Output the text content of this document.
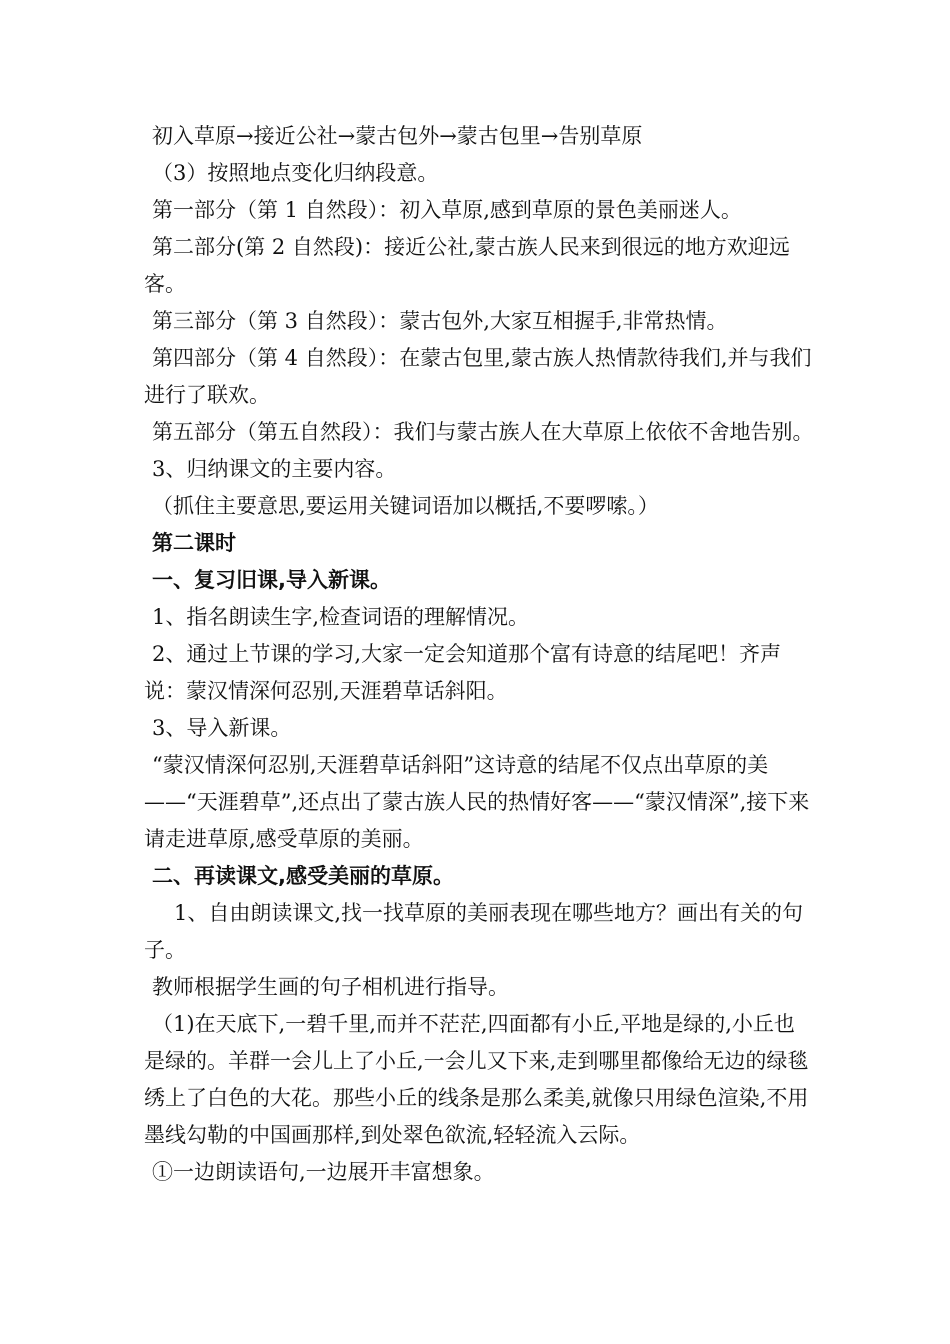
初入草原→接近公社→蒙古包外→蒙古包里→告别草原

（3）按照地点变化归纳段意。

第一部分（第 1 自然段）：初入草原,感到草原的景色美丽迷人。

第二部分(第 2 自然段)：接近公社,蒙古族人民来到很远的地方欢迎远客。

第三部分（第 3 自然段）：蒙古包外,大家互相握手,非常热情。

第四部分（第 4 自然段）：在蒙古包里,蒙古族人热情款待我们,并与我们进行了联欢。

第五部分（第五自然段）：我们与蒙古族人在大草原上依依不舍地告别。

3、归纳课文的主要内容。

（抓住主要意思,要运用关键词语加以概括,不要啰嗦。）

第二课时

一、复习旧课,导入新课。

1、指名朗读生字,检查词语的理解情况。

2、通过上节课的学习,大家一定会知道那个富有诗意的结尾吧！齐声说：蒙汉情深何忍别,天涯碧草话斜阳。

3、导入新课。

“蒙汉情深何忍别,天涯碧草话斜阳”这诗意的结尾不仅点出草原的美——“天涯碧草”,还点出了蒙古族人民的热情好客——“蒙汉情深”,接下来请走进草原,感受草原的美丽。

二、再读课文,感受美丽的草原。

1、自由朗读课文,找一找草原的美丽表现在哪些地方？画出有关的句子。

教师根据学生画的句子相机进行指导。

（1)在天底下,一碧千里,而并不茫茫,四面都有小丘,平地是绿的,小丘也是绿的。羊群一会儿上了小丘,一会儿又下来,走到哪里都像给无边的绿毯绣上了白色的大花。那些小丘的线条是那么柔美,就像只用绿色渲染,不用墨线勾勒的中国画那样,到处翠色欲流,轻轻流入云际。

①一边朗读语句,一边展开丰富想象。
